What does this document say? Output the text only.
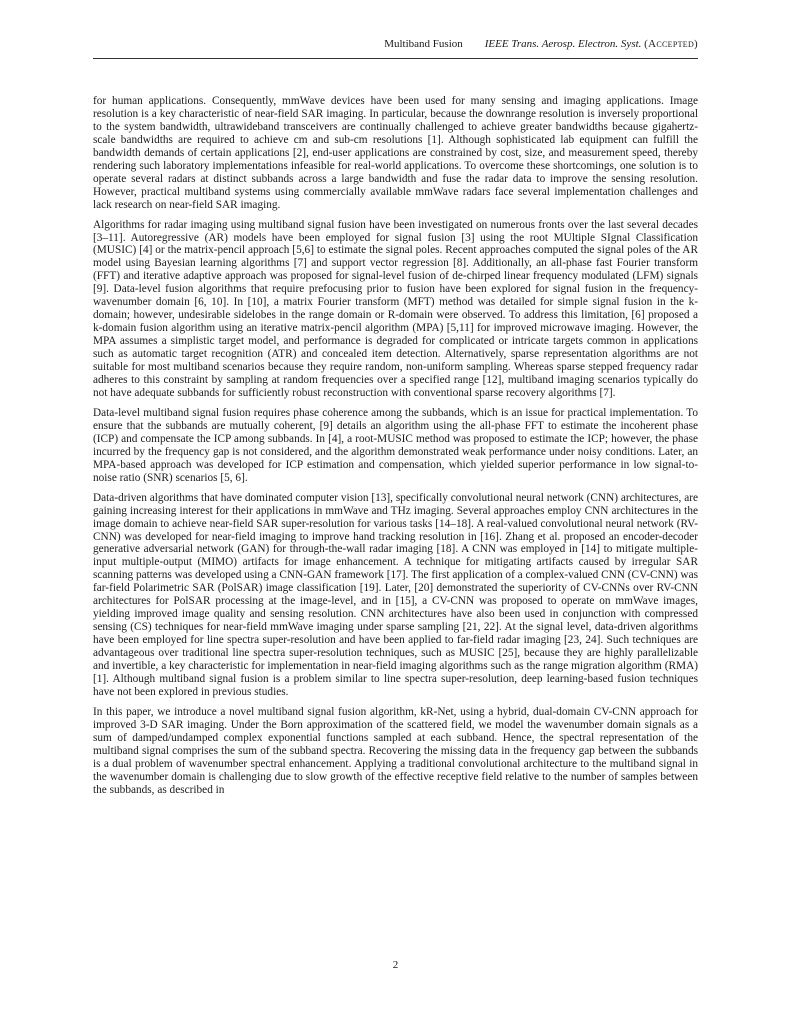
Multiband Fusion IEEE Trans. Aerosp. Electron. Syst. (Accepted)

for human applications. Consequently, mmWave devices have been used for many sensing and imaging applications. Image resolution is a key characteristic of near-field SAR imaging. In particular, because the downrange resolution is inversely proportional to the system bandwidth, ultrawideband transceivers are continually challenged to achieve greater bandwidths because gigahertz-scale bandwidths are required to achieve cm and sub-cm resolutions [1]. Although sophisticated lab equipment can fulfill the bandwidth demands of certain applications [2], end-user applications are constrained by cost, size, and measurement speed, thereby rendering such laboratory implementations infeasible for real-world applications. To overcome these shortcomings, one solution is to operate several radars at distinct subbands across a large bandwidth and fuse the radar data to improve the sensing resolution. However, practical multiband systems using commercially available mmWave radars face several implementation challenges and lack research on near-field SAR imaging.

Algorithms for radar imaging using multiband signal fusion have been investigated on numerous fronts over the last several decades [3–11]. Autoregressive (AR) models have been employed for signal fusion [3] using the root MUltiple SIgnal Classification (MUSIC) [4] or the matrix-pencil approach [5,6] to estimate the signal poles. Recent approaches computed the signal poles of the AR model using Bayesian learning algorithms [7] and support vector regression [8]. Additionally, an all-phase fast Fourier transform (FFT) and iterative adaptive approach was proposed for signal-level fusion of de-chirped linear frequency modulated (LFM) signals [9]. Data-level fusion algorithms that require prefocusing prior to fusion have been explored for signal fusion in the frequency-wavenumber domain [6, 10]. In [10], a matrix Fourier transform (MFT) method was detailed for simple signal fusion in the k-domain; however, undesirable sidelobes in the range domain or R-domain were observed. To address this limitation, [6] proposed a k-domain fusion algorithm using an iterative matrix-pencil algorithm (MPA) [5,11] for improved microwave imaging. However, the MPA assumes a simplistic target model, and performance is degraded for complicated or intricate targets common in applications such as automatic target recognition (ATR) and concealed item detection. Alternatively, sparse representation algorithms are not suitable for most multiband scenarios because they require random, non-uniform sampling. Whereas sparse stepped frequency radar adheres to this constraint by sampling at random frequencies over a specified range [12], multiband imaging scenarios typically do not have adequate subbands for sufficiently robust reconstruction with conventional sparse recovery algorithms [7].

Data-level multiband signal fusion requires phase coherence among the subbands, which is an issue for practical implementation. To ensure that the subbands are mutually coherent, [9] details an algorithm using the all-phase FFT to estimate the incoherent phase (ICP) and compensate the ICP among subbands. In [4], a root-MUSIC method was proposed to estimate the ICP; however, the phase incurred by the frequency gap is not considered, and the algorithm demonstrated weak performance under noisy conditions. Later, an MPA-based approach was developed for ICP estimation and compensation, which yielded superior performance in low signal-to-noise ratio (SNR) scenarios [5, 6].

Data-driven algorithms that have dominated computer vision [13], specifically convolutional neural network (CNN) architectures, are gaining increasing interest for their applications in mmWave and THz imaging. Several approaches employ CNN architectures in the image domain to achieve near-field SAR super-resolution for various tasks [14–18]. A real-valued convolutional neural network (RV-CNN) was developed for near-field imaging to improve hand tracking resolution in [16]. Zhang et al. proposed an encoder-decoder generative adversarial network (GAN) for through-the-wall radar imaging [18]. A CNN was employed in [14] to mitigate multiple-input multiple-output (MIMO) artifacts for image enhancement. A technique for mitigating artifacts caused by irregular SAR scanning patterns was developed using a CNN-GAN framework [17]. The first application of a complex-valued CNN (CV-CNN) was far-field Polarimetric SAR (PolSAR) image classification [19]. Later, [20] demonstrated the superiority of CV-CNNs over RV-CNN architectures for PolSAR processing at the image-level, and in [15], a CV-CNN was proposed to operate on mmWave images, yielding improved image quality and sensing resolution. CNN architectures have also been used in conjunction with compressed sensing (CS) techniques for near-field mmWave imaging under sparse sampling [21, 22]. At the signal level, data-driven algorithms have been employed for line spectra super-resolution and have been applied to far-field radar imaging [23, 24]. Such techniques are advantageous over traditional line spectra super-resolution techniques, such as MUSIC [25], because they are highly parallelizable and invertible, a key characteristic for implementation in near-field imaging algorithms such as the range migration algorithm (RMA) [1]. Although multiband signal fusion is a problem similar to line spectra super-resolution, deep learning-based fusion techniques have not been explored in previous studies.

In this paper, we introduce a novel multiband signal fusion algorithm, kR-Net, using a hybrid, dual-domain CV-CNN approach for improved 3-D SAR imaging. Under the Born approximation of the scattered field, we model the wavenumber domain signals as a sum of damped/undamped complex exponential functions sampled at each subband. Hence, the spectral representation of the multiband signal comprises the sum of the subband spectra. Recovering the missing data in the frequency gap between the subbands is a dual problem of wavenumber spectral enhancement. Applying a traditional convolutional architecture to the multiband signal in the wavenumber domain is challenging due to slow growth of the effective receptive field relative to the number of samples between the subbands, as described in

2
